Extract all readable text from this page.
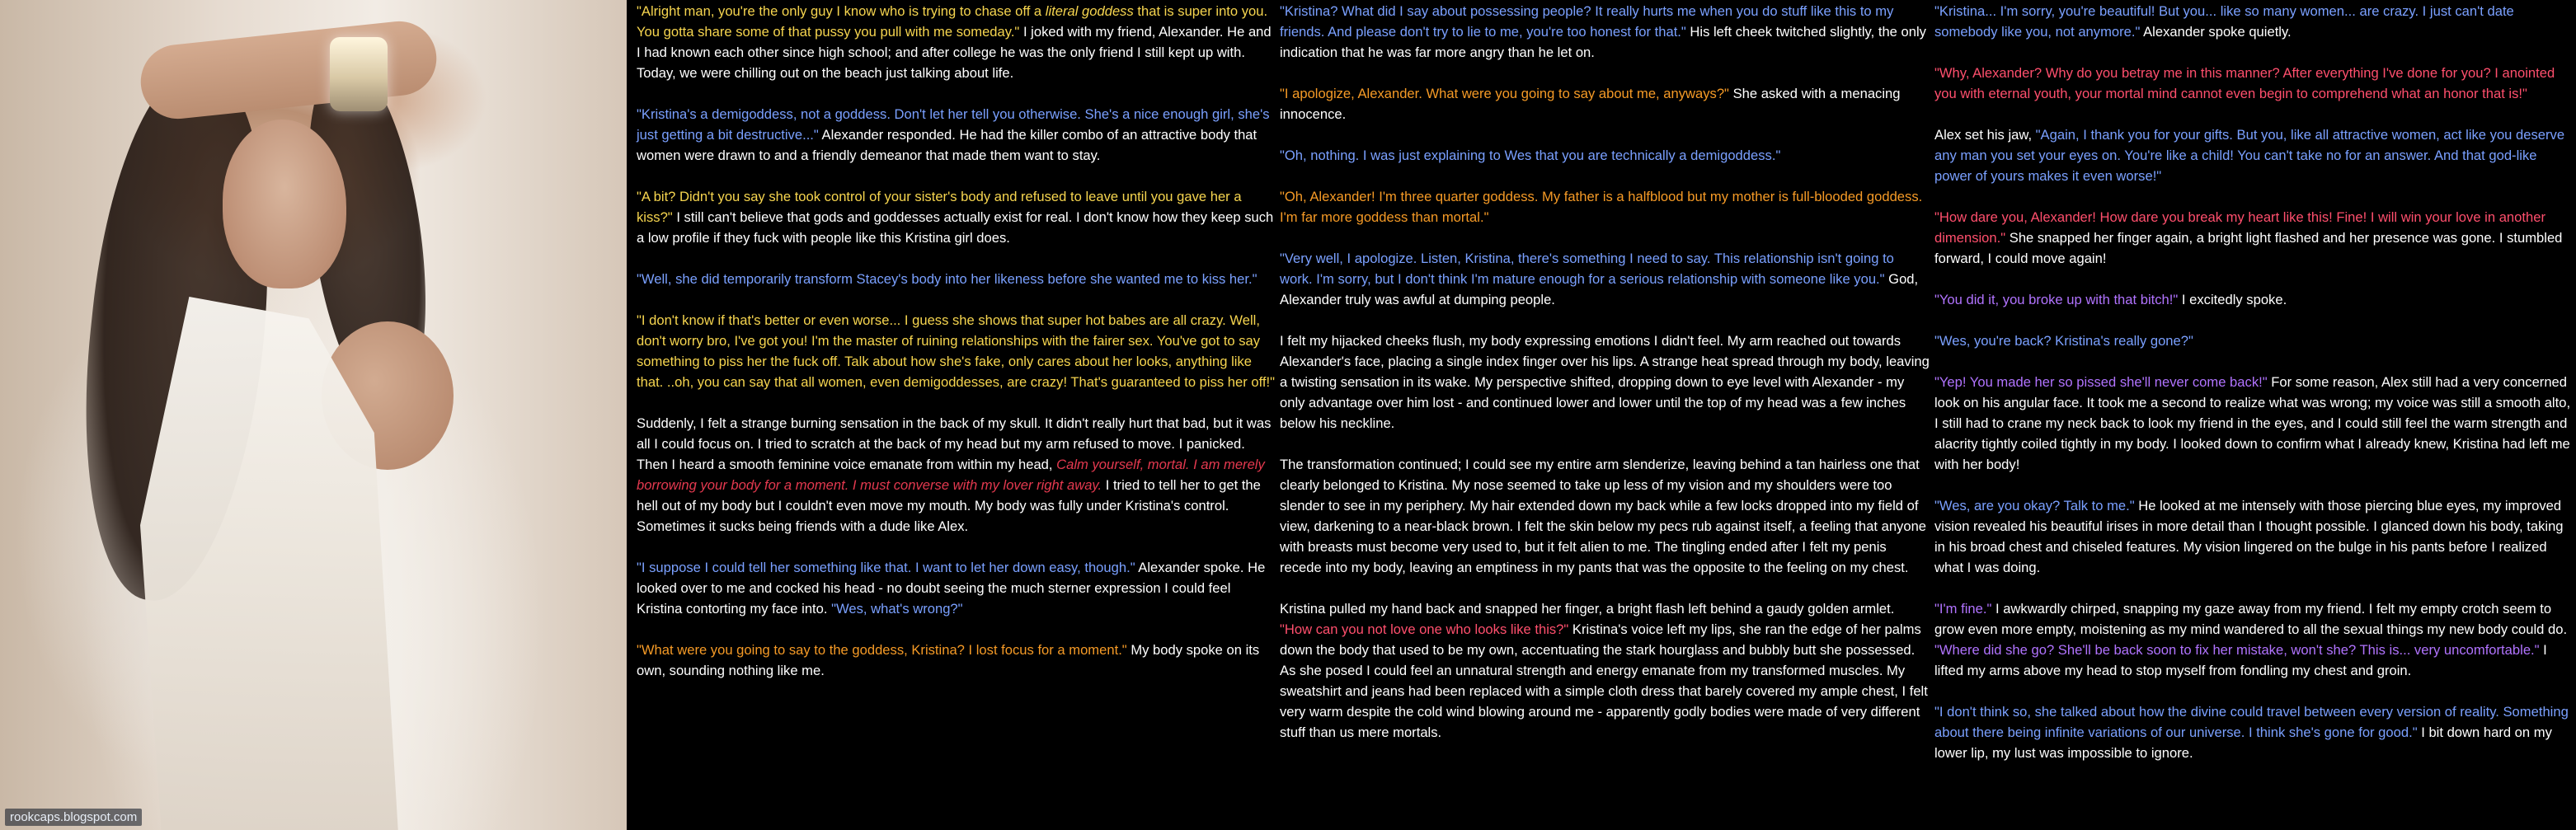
rookcaps.blogspot.com

"Alright man, you're the only guy I know who is trying to chase off a literal goddess that is super into you. You gotta share some of that pussy you pull with me someday." I joked with my friend, Alexander. He and I had known each other since high school; and after college he was the only friend I still kept up with. Today, we were chilling out on the beach just talking about life.

"Kristina's a demigoddess, not a goddess. Don't let her tell you otherwise. She's a nice enough girl, she's just getting a bit destructive..." Alexander responded. He had the killer combo of an attractive body that women were drawn to and a friendly demeanor that made them want to stay.

"A bit? Didn't you say she took control of your sister's body and refused to leave until you gave her a kiss?" I still can't believe that gods and goddesses actually exist for real. I don't know how they keep such a low profile if they fuck with people like this Kristina girl does.

"Well, she did temporarily transform Stacey's body into her likeness before she wanted me to kiss her."

"I don't know if that's better or even worse... I guess she shows that super hot babes are all crazy. Well, don't worry bro, I've got you! I'm the master of ruining relationships with the fairer sex. You've got to say something to piss her the fuck off. Talk about how she's fake, only cares about her looks, anything like that. ..oh, you can say that all women, even demigoddesses, are crazy! That's guaranteed to piss her off!"

Suddenly, I felt a strange burning sensation in the back of my skull. It didn't really hurt that bad, but it was all I could focus on. I tried to scratch at the back of my head but my arm refused to move. I panicked. Then I heard a smooth feminine voice emanate from within my head, Calm yourself, mortal. I am merely borrowing your body for a moment. I must converse with my lover right away. I tried to tell her to get the hell out of my body but I couldn't even move my mouth. My body was fully under Kristina's control. Sometimes it sucks being friends with a dude like Alex.

"I suppose I could tell her something like that. I want to let her down easy, though." Alexander spoke. He looked over to me and cocked his head - no doubt seeing the much sterner expression I could feel Kristina contorting my face into. "Wes, what's wrong?"

"What were you going to say to the goddess, Kristina? I lost focus for a moment." My body spoke on its own, sounding nothing like me.

"Kristina? What did I say about possessing people? It really hurts me when you do stuff like this to my friends. And please don't try to lie to me, you're too honest for that." His left cheek twitched slightly, the only indication that he was far more angry than he let on.

"I apologize, Alexander. What were you going to say about me, anyways?" She asked with a menacing innocence.

"Oh, nothing. I was just explaining to Wes that you are technically a demigoddess."

"Oh, Alexander! I'm three quarter goddess. My father is a halfblood but my mother is full-blooded goddess. I'm far more goddess than mortal."

"Very well, I apologize. Listen, Kristina, there's something I need to say. This relationship isn't going to work. I'm sorry, but I don't think I'm mature enough for a serious relationship with someone like you." God, Alexander truly was awful at dumping people.

I felt my hijacked cheeks flush, my body expressing emotions I didn't feel. My arm reached out towards Alexander's face, placing a single index finger over his lips. A strange heat spread through my body, leaving a twisting sensation in its wake. My perspective shifted, dropping down to eye level with Alexander - my only advantage over him lost - and continued lower and lower until the top of my head was a few inches below his neckline.

The transformation continued; I could see my entire arm slenderize, leaving behind a tan hairless one that clearly belonged to Kristina. My nose seemed to take up less of my vision and my shoulders were too slender to see in my periphery. My hair extended down my back while a few locks dropped into my field of view, darkening to a near-black brown. I felt the skin below my pecs rub against itself, a feeling that anyone with breasts must become very used to, but it felt alien to me. The tingling ended after I felt my penis recede into my body, leaving an emptiness in my pants that was the opposite to the feeling on my chest.

Kristina pulled my hand back and snapped her finger, a bright flash left behind a gaudy golden armlet. "How can you not love one who looks like this?" Kristina's voice left my lips, she ran the edge of her palms down the body that used to be my own, accentuating the stark hourglass and bubbly butt she possessed. As she posed I could feel an unnatural strength and energy emanate from my transformed muscles. My sweatshirt and jeans had been replaced with a simple cloth dress that barely covered my ample chest, I felt very warm despite the cold wind blowing around me - apparently godly bodies were made of very different stuff than us mere mortals.

"Kristina... I'm sorry, you're beautiful! But you... like so many women... are crazy. I just can't date somebody like you, not anymore." Alexander spoke quietly.

"Why, Alexander? Why do you betray me in this manner? After everything I've done for you? I anointed you with eternal youth, your mortal mind cannot even begin to comprehend what an honor that is!"

Alex set his jaw, "Again, I thank you for your gifts. But you, like all attractive women, act like you deserve any man you set your eyes on. You're like a child! You can't take no for an answer. And that god-like power of yours makes it even worse!"

"How dare you, Alexander! How dare you break my heart like this! Fine! I will win your love in another dimension." She snapped her finger again, a bright light flashed and her presence was gone. I stumbled forward, I could move again!

"You did it, you broke up with that bitch!" I excitedly spoke.

"Wes, you're back? Kristina's really gone?"

"Yep! You made her so pissed she'll never come back!" For some reason, Alex still had a very concerned look on his angular face. It took me a second to realize what was wrong; my voice was still a smooth alto, I still had to crane my neck back to look my friend in the eyes, and I could still feel the warm strength and alacrity tightly coiled tightly in my body. I looked down to confirm what I already knew, Kristina had left me with her body!

"Wes, are you okay? Talk to me." He looked at me intensely with those piercing blue eyes, my improved vision revealed his beautiful irises in more detail than I thought possible. I glanced down his body, taking in his broad chest and chiseled features. My vision lingered on the bulge in his pants before I realized what I was doing.

"I'm fine." I awkwardly chirped, snapping my gaze away from my friend. I felt my empty crotch seem to grow even more empty, moistening as my mind wandered to all the sexual things my new body could do. "Where did she go? She'll be back soon to fix her mistake, won't she? This is... very uncomfortable." I lifted my arms above my head to stop myself from fondling my chest and groin.

"I don't think so, she talked about how the divine could travel between every version of reality. Something about there being infinite variations of our universe. I think she's gone for good." I bit down hard on my lower lip, my lust was impossible to ignore.
